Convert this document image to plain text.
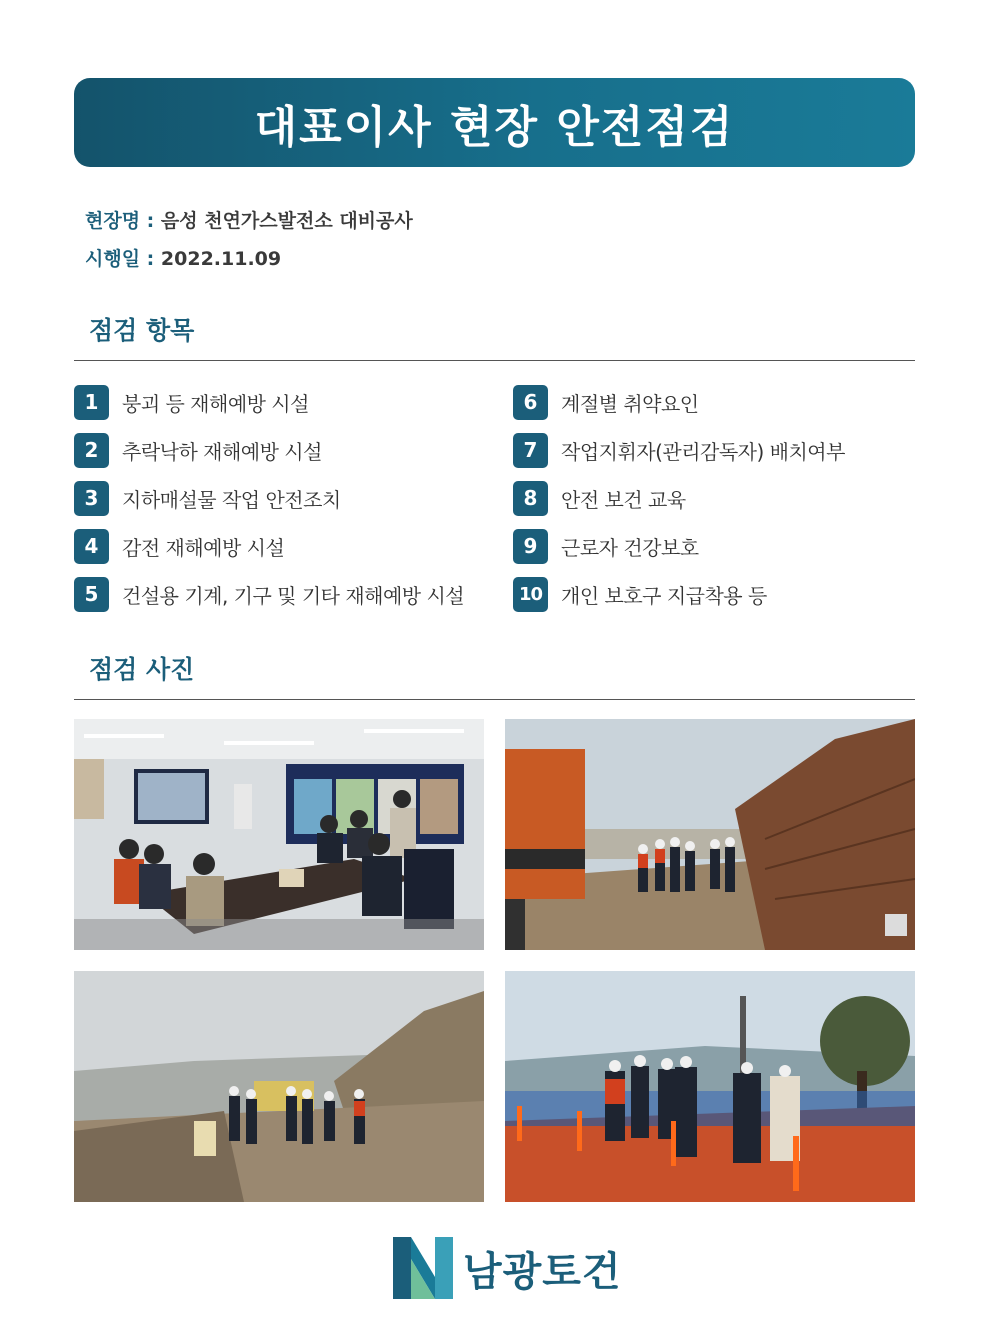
대표이사 현장 안전점검
현장명 : 음성 천연가스발전소 대비공사
시행일 : 2022.11.09
점검 항목
1	붕괴 등 재해예방 시설
2	추락낙하 재해예방 시설
3	지하매설물 작업 안전조치
4	감전 재해예방 시설
5	건설용 기계, 기구 및 기타 재해예방 시설
6	계절별 취약요인
7	작업지휘자(관리감독자) 배치여부
8	안전 보건 교육
9	근로자 건강보호
10 개인 보호구 지급착용 등
점검 사진
남광토건
